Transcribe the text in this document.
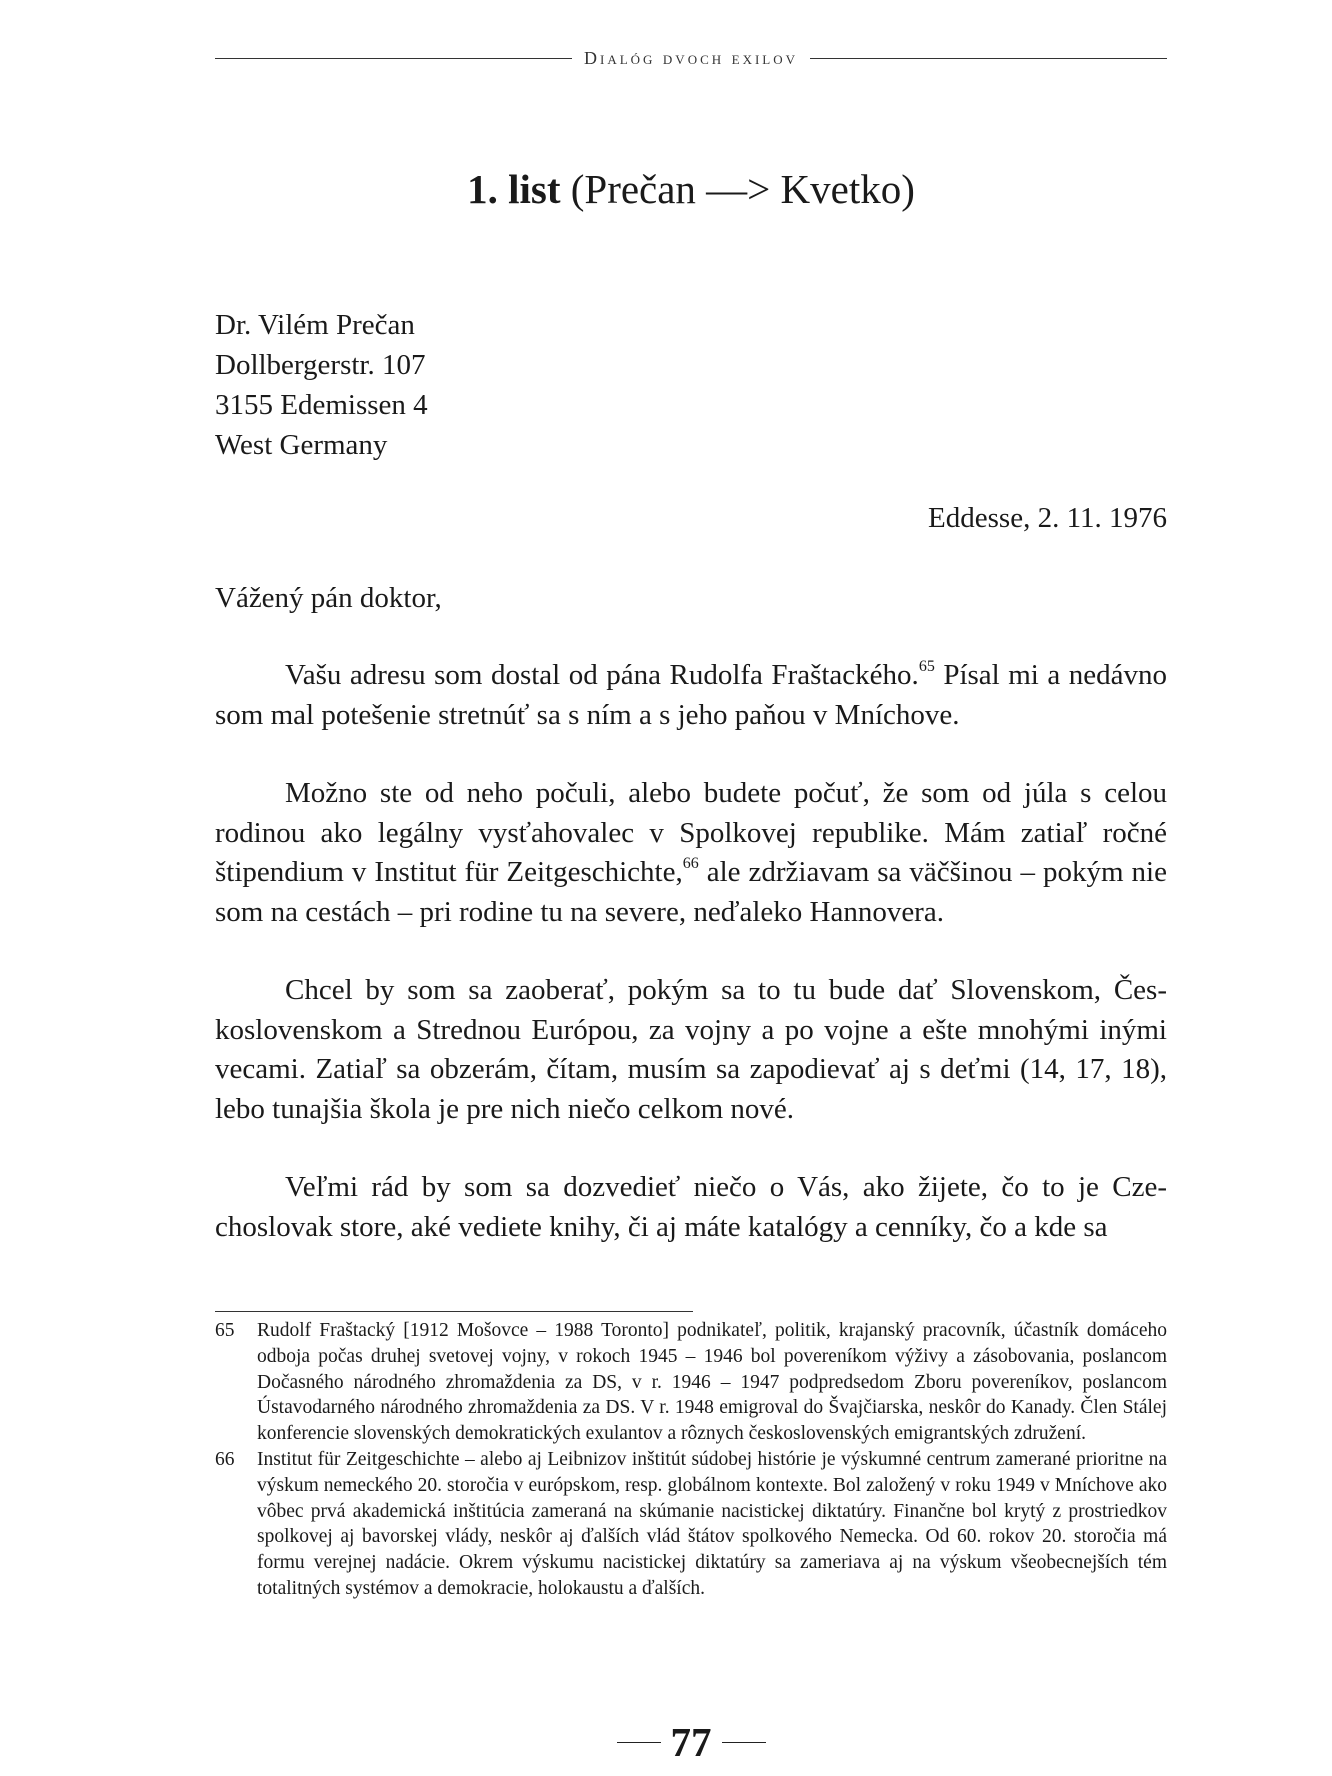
Dialóg dvoch exilov
1. list (Prečan —> Kvetko)
Dr. Vilém Prečan
Dollbergerstr. 107
3155 Edemissen 4
West Germany
Eddesse, 2. 11. 1976
Vážený pán doktor,

Vašu adresu som dostal od pána Rudolfa Fraštackého.$^{65}$ Písal mi a nedávno som mal potešenie stretnúť sa s ním a s jeho paňou v Mníchove.

Možno ste od neho počuli, alebo budete počuť, že som od júla s celou rodinou ako legálny vysťahovalec v Spolkovej republike. Mám zatiaľ ročné štipendium v Institut für Zeitgeschichte,$^{66}$ ale zdržiavam sa väčšinou – pokým nie som na cestách – pri rodine tu na severe, neďaleko Hannovera.

Chcel by som sa zaoberať, pokým sa to tu bude dať Slovenskom, Československom a Strednou Európou, za vojny a po vojne a ešte mnohými inými vecami. Zatiaľ sa obzerám, čítam, musím sa zapodievať aj s deťmi (14, 17, 18), lebo tunajšia škola je pre nich niečo celkom nové.

Veľmi rád by som sa dozvedieť niečo o Vás, ako žijete, čo to je Czechoslovak store, aké vediete knihy, či aj máte katalógy a cenníky, čo a kde sa

65	Rudolf Fraštacký [1912 Mošovce – 1988 Toronto] podnikateľ, politik, krajanský pracovník, účastník domáceho odboja počas druhej svetovej vojny, v rokoch 1945 – 1946 bol povereníkom výživy a zásobovania, poslancom Dočasného národného zhromaždenia za DS, v r. 1946 – 1947 podpredsedom Zboru povereníkov, poslancom Ústavodarného národného zhromaždenia za DS. V r. 1948 emigroval do Švajčiarska, neskôr do Kanady. Člen Stálej konferencie slovenských demokratických exulantov a rôznych československých emigrantských združení.
66	Institut für Zeitgeschichte – alebo aj Leibnizov inštitút súdobej histórie je výskumné centrum zamerané prioritne na výskum nemeckého 20. storočia v európskom, resp. globálnom kontexte. Bol založený v roku 1949 v Mníchove ako vôbec prvá akademická inštitúcia zameraná na skúmanie nacistickej diktatúry. Finančne bol krytý z prostriedkov spolkovej aj bavorskej vlády, neskôr aj ďalších vlád štátov spolkového Nemecka. Od 60. rokov 20. storočia má formu verejnej nadácie. Okrem výskumu nacistickej diktatúry sa zameriava aj na výskum všeobecnejších tém totalitných systémov a demokracie, holokaustu a ďalších.
77
